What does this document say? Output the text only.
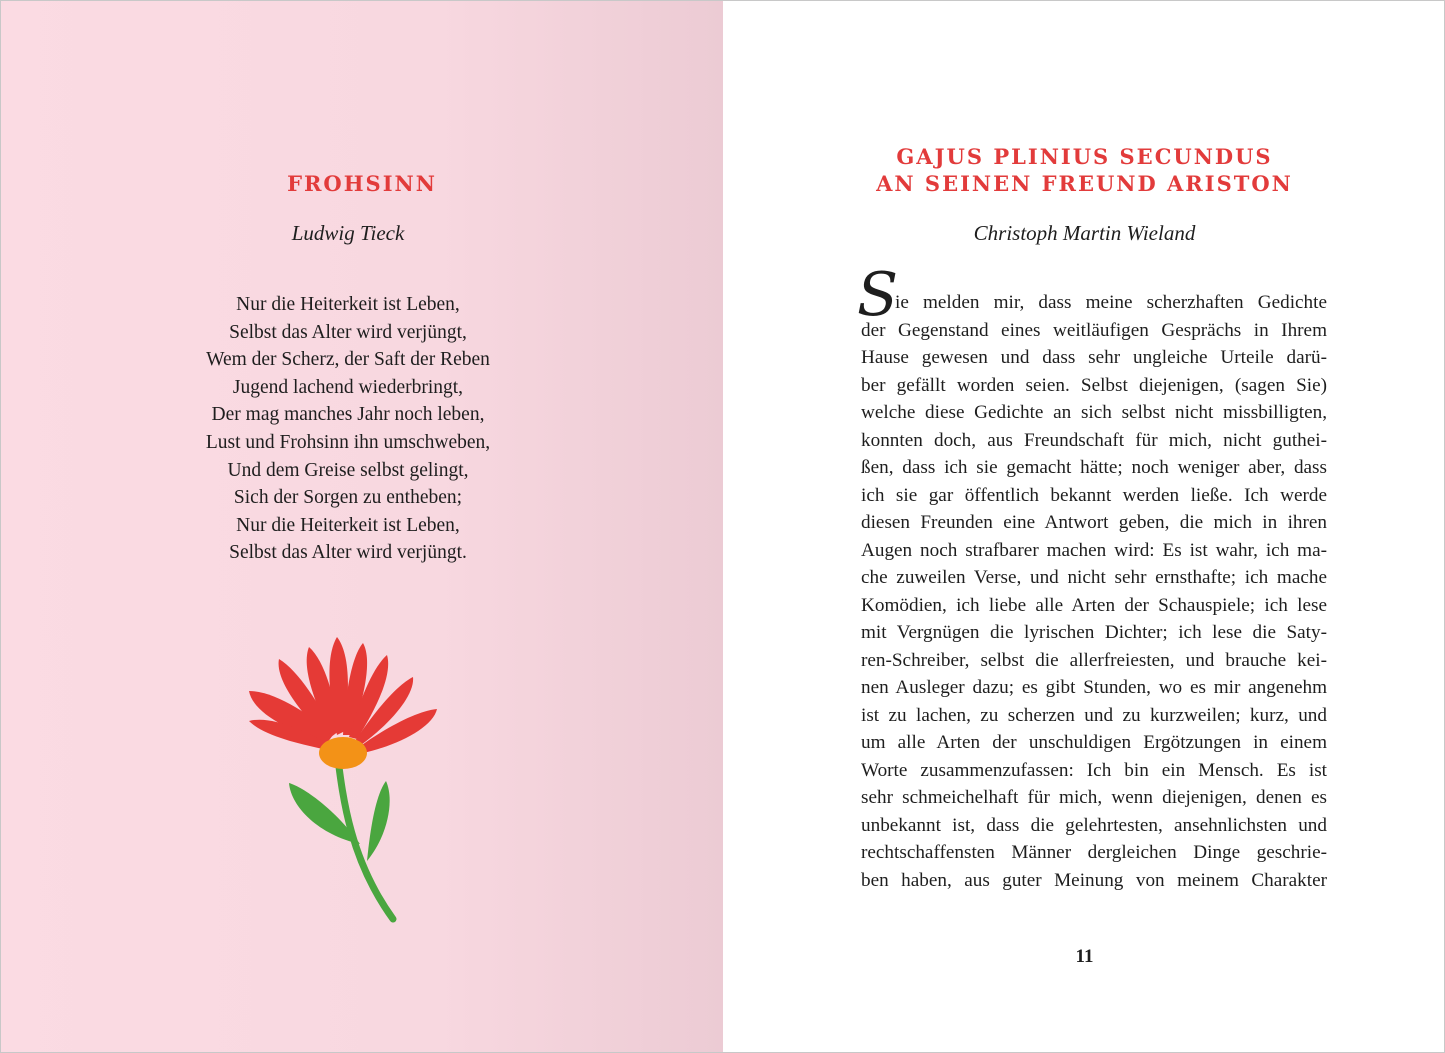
FROHSINN

Ludwig Tieck

Nur die Heiterkeit ist Leben,
Selbst das Alter wird verjüngt,
Wem der Scherz, der Saft der Reben
Jugend lachend wiederbringt,
Der mag manches Jahr noch leben,
Lust und Frohsinn ihn umschweben,
Und dem Greise selbst gelingt,
Sich der Sorgen zu entheben;
Nur die Heiterkeit ist Leben,
Selbst das Alter wird verjüngt.
GAJUS PLINIUS SECUNDUS
AN SEINEN FREUND ARISTON

Christoph Martin Wieland

S
ie melden mir, dass meine scherzhaften Gedichte
der Gegenstand eines weitläufigen Gesprächs in Ihrem
Hause gewesen und dass sehr ungleiche Urteile darü-
ber gefällt worden seien. Selbst diejenigen, (sagen Sie)
welche diese Gedichte an sich selbst nicht missbilligten,
konnten doch, aus Freundschaft für mich, nicht guthei-
ßen, dass ich sie gemacht hätte; noch weniger aber, dass
ich sie gar öffentlich bekannt werden ließe. Ich werde
diesen Freunden eine Antwort geben, die mich in ihren
Augen noch strafbarer machen wird: Es ist wahr, ich ma-
che zuweilen Verse, und nicht sehr ernsthafte; ich mache
Komödien, ich liebe alle Arten der Schauspiele; ich lese
mit Vergnügen die lyrischen Dichter; ich lese die Saty-
ren-Schreiber, selbst die allerfreiesten, und brauche kei-
nen Ausleger dazu; es gibt Stunden, wo es mir angenehm
ist zu lachen, zu scherzen und zu kurzweilen; kurz, und
um alle Arten der unschuldigen Ergötzungen in einem
Worte zusammenzufassen: Ich bin ein Mensch. Es ist
sehr schmeichelhaft für mich, wenn diejenigen, denen es
unbekannt ist, dass die gelehrtesten, ansehnlichsten und
rechtschaffensten Männer dergleichen Dinge geschrie-
ben haben, aus guter Meinung von meinem Charakter
11
